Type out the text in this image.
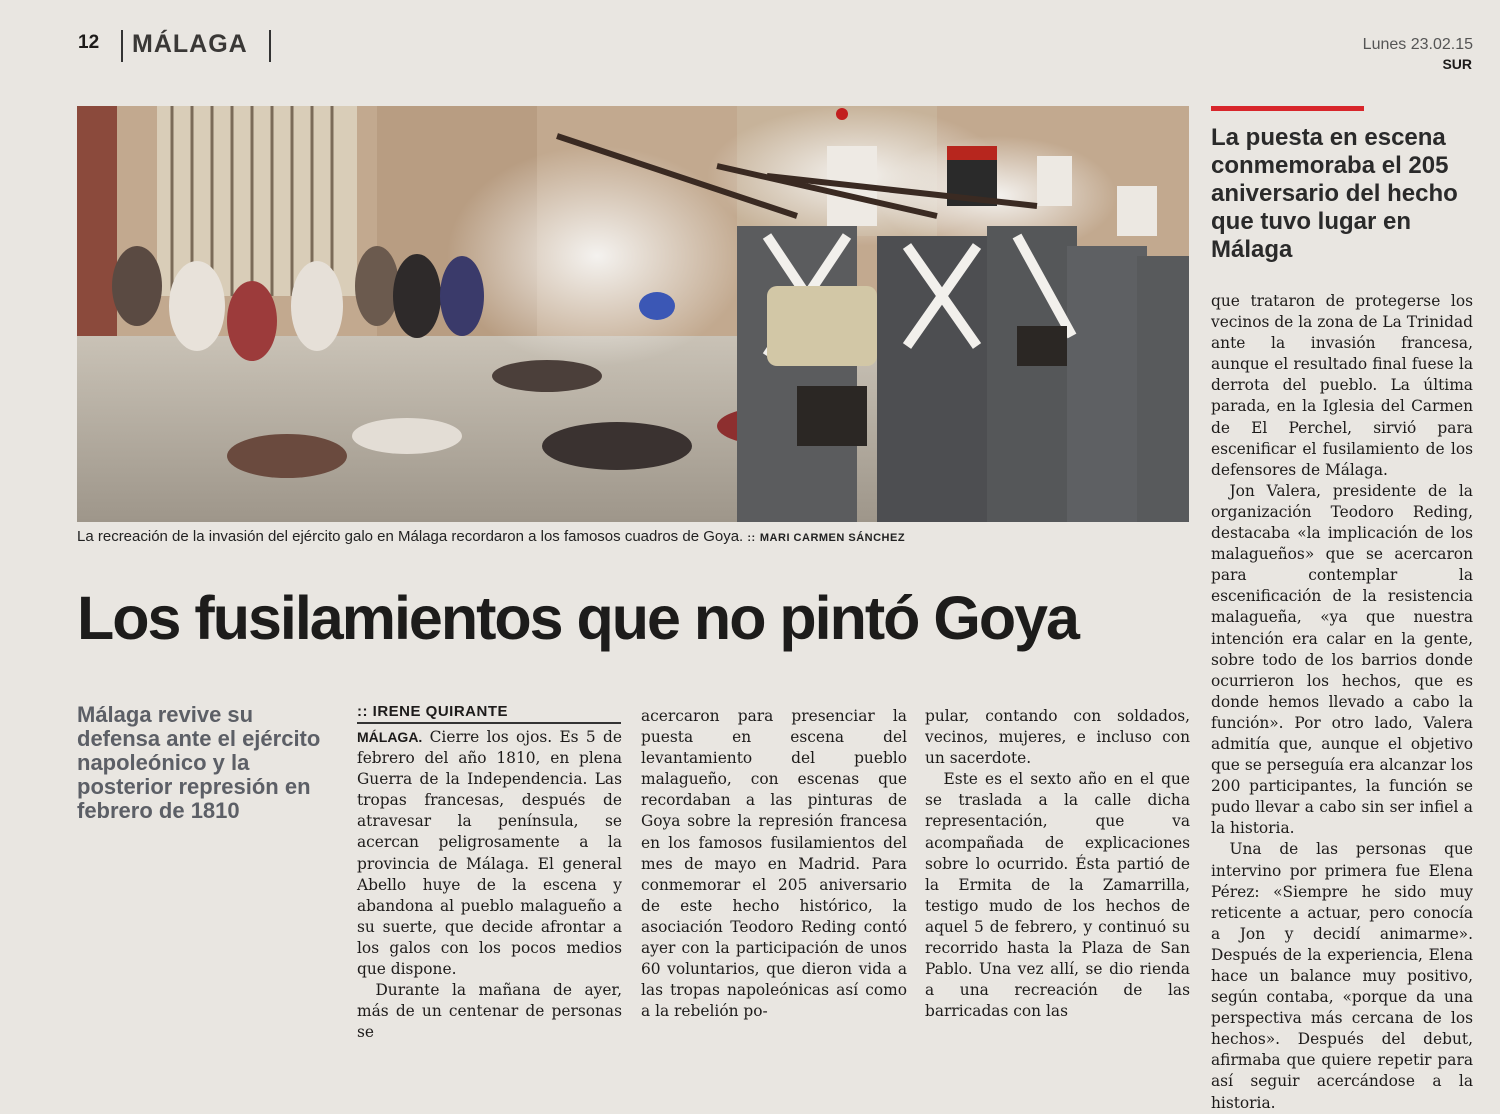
12 MÁLAGA	Lunes 23.02.15
SUR
La recreación de la invasión del ejército galo en Málaga recordaron a los famosos cuadros de Goya. :: MARI CARMEN SÁNCHEZ
La puesta en escena conmemoraba el 205 aniversario del hecho que tuvo lugar en Málaga
Los fusilamientos que no pintó Goya
Málaga revive su defensa ante el ejército napoleónico y la posterior represión en febrero de 1810
:: IRENE QUIRANTE

MÁLAGA. Cierre los ojos. Es 5 de febrero del año 1810, en plena Guerra de la Independencia. Las tropas francesas, después de atravesar la península, se acercan peligrosamente a la provincia de Málaga. El general Abello huye de la escena y abandona al pueblo malagueño a su suerte, que decide afrontar a los galos con los pocos medios que dispone.

Durante la mañana de ayer, más de un centenar de personas se

acercaron para presenciar la puesta en escena del levantamiento del pueblo malagueño, con escenas que recordaban a las pinturas de Goya sobre la represión francesa en los famosos fusilamientos del mes de mayo en Madrid. Para conmemorar el 205 aniversario de este hecho histórico, la asociación Teodoro Reding contó ayer con la participación de unos 60 voluntarios, que dieron vida a las tropas napoleónicas así como a la rebelión po-

pular, contando con soldados, vecinos, mujeres, e incluso con un sacerdote.

Este es el sexto año en el que se traslada a la calle dicha representación, que va acompañada de explicaciones sobre lo ocurrido. Ésta partió de la Ermita de la Zamarrilla, testigo mudo de los hechos de aquel 5 de febrero, y continuó su recorrido hasta la Plaza de San Pablo. Una vez allí, se dio rienda a una recreación de las barricadas con las

que trataron de protegerse los vecinos de la zona de La Trinidad ante la invasión francesa, aunque el resultado final fuese la derrota del pueblo. La última parada, en la Iglesia del Carmen de El Perchel, sirvió para escenificar el fusilamiento de los defensores de Málaga.

Jon Valera, presidente de la organización Teodoro Reding, destacaba «la implicación de los malagueños» que se acercaron para contemplar la escenificación de la resistencia malagueña, «ya que nuestra intención era calar en la gente, sobre todo de los barrios donde ocurrieron los hechos, que es donde hemos llevado a cabo la función». Por otro lado, Valera admitía que, aunque el objetivo que se perseguía era alcanzar los 200 participantes, la función se pudo llevar a cabo sin ser infiel a la historia.

Una de las personas que intervino por primera fue Elena Pérez: «Siempre he sido muy reticente a actuar, pero conocía a Jon y decidí animarme». Después de la experiencia, Elena hace un balance muy positivo, según contaba, «porque da una perspectiva más cercana de los hechos». Después del debut, afirmaba que quiere repetir para así seguir acercándose a la historia.
